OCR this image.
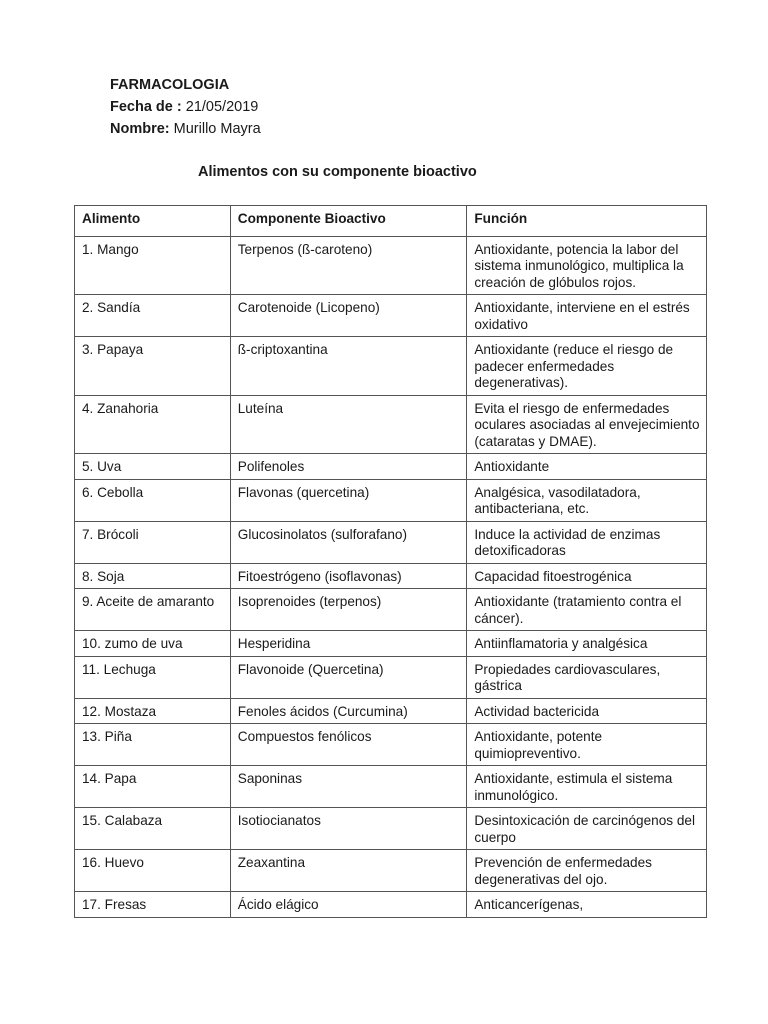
FARMACOLOGIA
Fecha de : 21/05/2019
Nombre: Murillo Mayra
Alimentos con su componente bioactivo
Alimento	Componente Bioactivo	Función
1. Mango	Terpenos (ß-caroteno)	Antioxidante, potencia la labor del sistema inmunológico, multiplica la creación de glóbulos rojos.
2. Sandía	Carotenoide (Licopeno)	Antioxidante, interviene en el estrés oxidativo
3. Papaya	ß-criptoxantina	Antioxidante (reduce el riesgo de padecer enfermedades degenerativas).
4. Zanahoria	Luteína	Evita el riesgo de enfermedades oculares asociadas al envejecimiento (cataratas y DMAE).
5. Uva	Polifenoles	Antioxidante
6. Cebolla	Flavonas (quercetina)	Analgésica, vasodilatadora, antibacteriana, etc.
7. Brócoli	Glucosinolatos (sulforafano)	Induce la actividad de enzimas detoxificadoras
8. Soja	Fitoestrógeno (isoflavonas)	Capacidad fitoestrogénica
9. Aceite de amaranto	Isoprenoides (terpenos)	Antioxidante (tratamiento contra el cáncer).
10. zumo de uva	Hesperidina	Antiinflamatoria y analgésica
11. Lechuga	Flavonoide (Quercetina)	Propiedades cardiovasculares, gástrica
12. Mostaza	Fenoles ácidos (Curcumina)	Actividad bactericida
13. Piña	Compuestos fenólicos	Antioxidante, potente quimiopreventivo.
14. Papa	Saponinas	Antioxidante, estimula el sistema inmunológico.
15. Calabaza	Isotiocianatos	Desintoxicación de carcinógenos del cuerpo
16. Huevo	Zeaxantina	Prevención de enfermedades degenerativas del ojo.
17. Fresas	Ácido elágico	Anticancerígenas,
